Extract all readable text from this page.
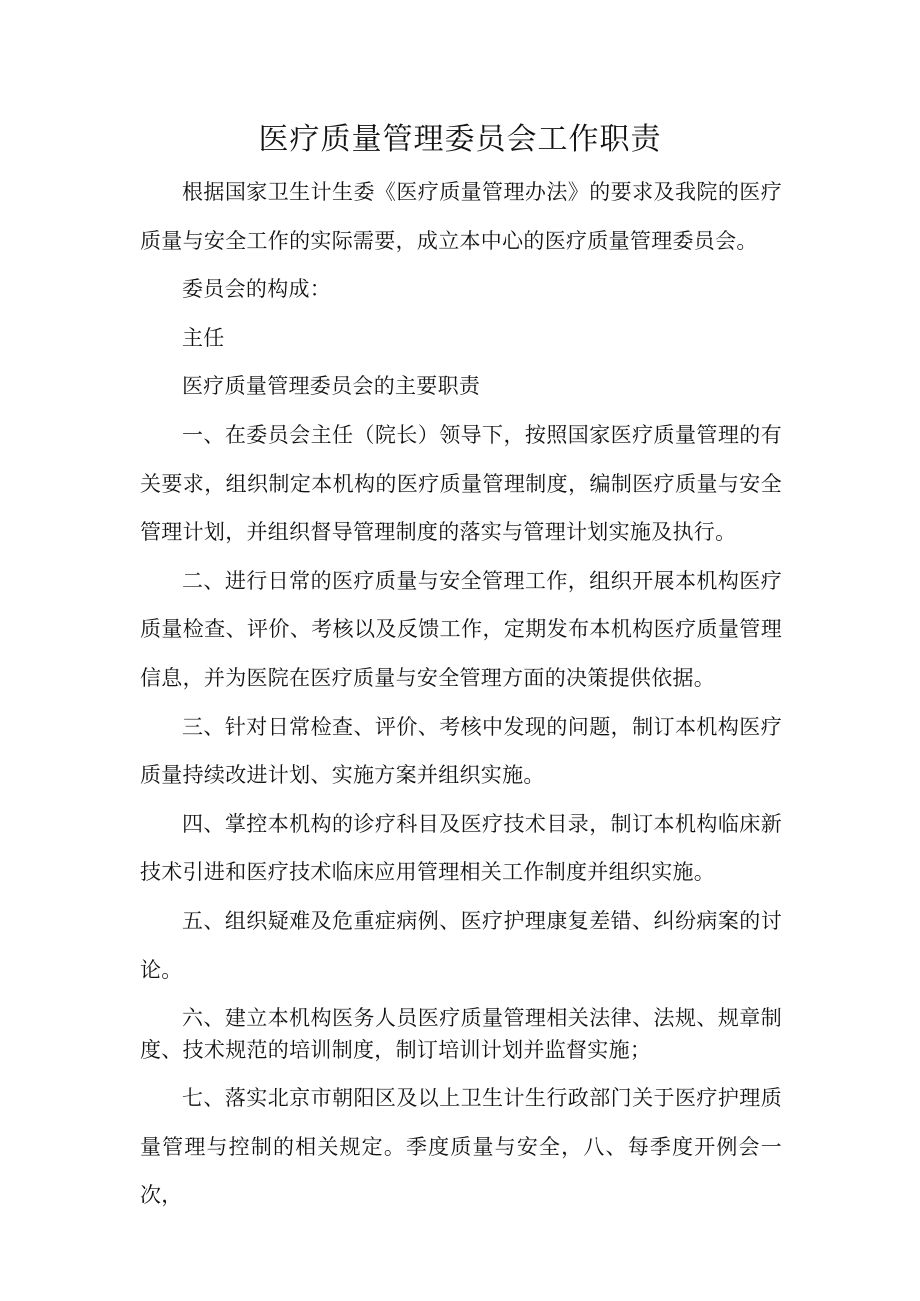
医疗质量管理委员会工作职责

根据国家卫生计生委《医疗质量管理办法》的要求及我院的医疗质量与安全工作的实际需要，成立本中心的医疗质量管理委员会。

委员会的构成：

主任

医疗质量管理委员会的主要职责

一、在委员会主任（院长）领导下，按照国家医疗质量管理的有关要求，组织制定本机构的医疗质量管理制度，编制医疗质量与安全管理计划，并组织督导管理制度的落实与管理计划实施及执行。

二、进行日常的医疗质量与安全管理工作，组织开展本机构医疗质量检查、评价、考核以及反馈工作，定期发布本机构医疗质量管理信息，并为医院在医疗质量与安全管理方面的决策提供依据。

三、针对日常检查、评价、考核中发现的问题，制订本机构医疗质量持续改进计划、实施方案并组织实施。

四、掌控本机构的诊疗科目及医疗技术目录，制订本机构临床新技术引进和医疗技术临床应用管理相关工作制度并组织实施。

五、组织疑难及危重症病例、医疗护理康复差错、纠纷病案的讨论。

六、建立本机构医务人员医疗质量管理相关法律、法规、规章制度、技术规范的培训制度，制订培训计划并监督实施；

七、落实北京市朝阳区及以上卫生计生行政部门关于医疗护理质量管理与控制的相关规定。季度质量与安全，八、每季度开例会一次，
